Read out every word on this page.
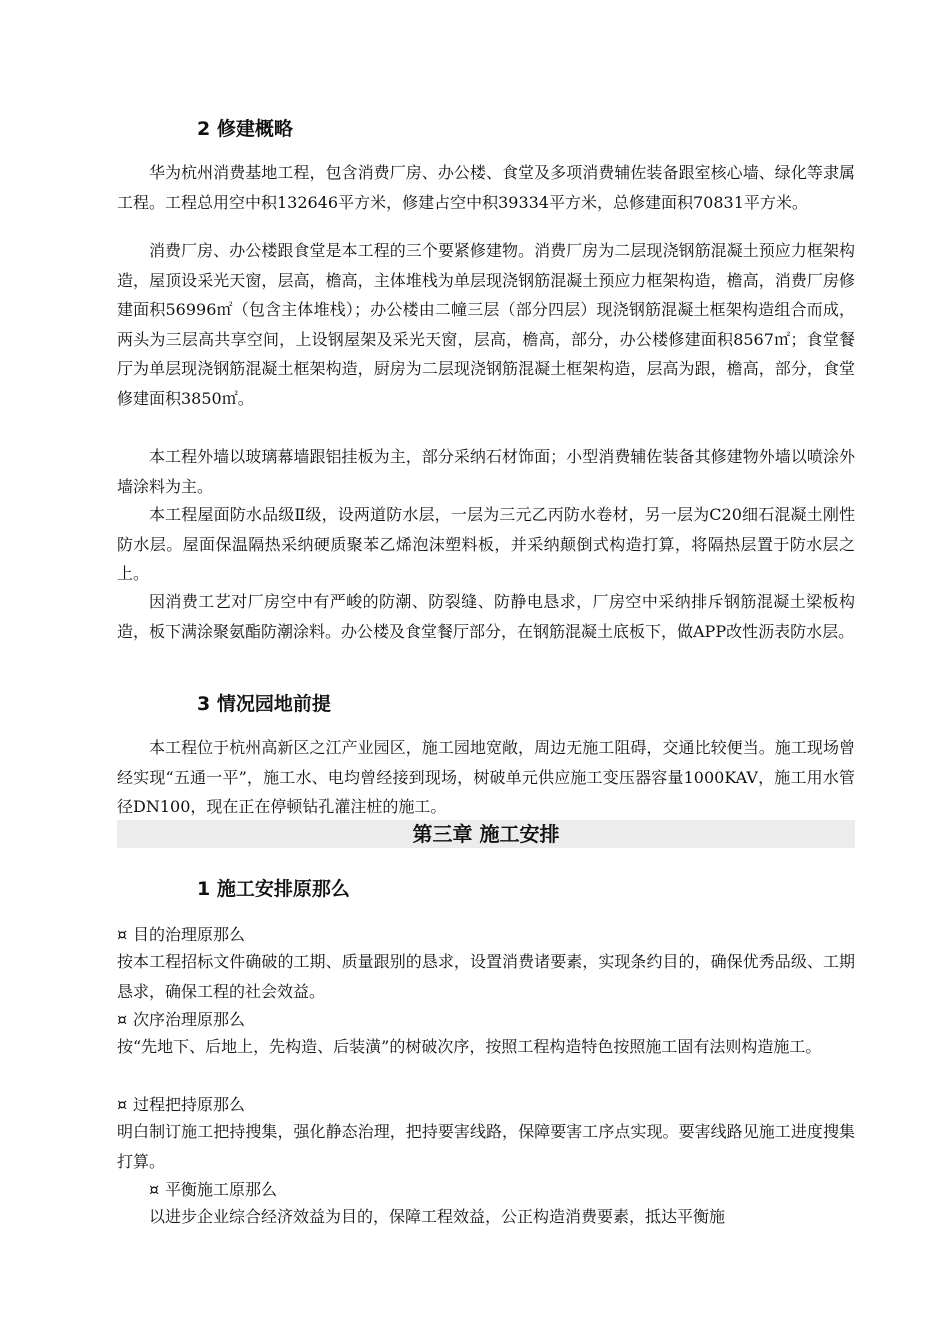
2 修建概略

华为杭州消费基地工程，包含消费厂房、办公楼、食堂及多项消费辅佐装备跟室核心墙、绿化等隶属工程。工程总用空中积132646平方米，修建占空中积39334平方米，总修建面积70831平方米。

消费厂房、办公楼跟食堂是本工程的三个要紧修建物。消费厂房为二层现浇钢筋混凝土预应力框架构造，屋顶设采光天窗，层高，檐高，主体堆栈为单层现浇钢筋混凝土预应力框架构造，檐高，消费厂房修建面积56996㎡（包含主体堆栈）；办公楼由二幢三层（部分四层）现浇钢筋混凝土框架构造组合而成，两头为三层高共享空间，上设钢屋架及采光天窗，层高，檐高，部分，办公楼修建面积8567㎡；食堂餐厅为单层现浇钢筋混凝土框架构造，厨房为二层现浇钢筋混凝土框架构造，层高为跟，檐高，部分，食堂修建面积3850㎡。

本工程外墙以玻璃幕墙跟铝挂板为主，部分采纳石材饰面；小型消费辅佐装备其修建物外墙以喷涂外墙涂料为主。

本工程屋面防水品级Ⅱ级，设两道防水层，一层为三元乙丙防水卷材，另一层为C20细石混凝土刚性防水层。屋面保温隔热采纳硬质聚苯乙烯泡沫塑料板，并采纳颠倒式构造打算，将隔热层置于防水层之上。

因消费工艺对厂房空中有严峻的防潮、防裂缝、防静电恳求，厂房空中采纳排斥钢筋混凝土梁板构造，板下满涂聚氨酯防潮涂料。办公楼及食堂餐厅部分，在钢筋混凝土底板下，做APP改性沥表防水层。

3 情况园地前提

本工程位于杭州高新区之江产业园区，施工园地宽敞，周边无施工阻碍，交通比较便当。施工现场曾经实现“五通一平”，施工水、电均曾经接到现场，树破单元供应施工变压器容量1000KAV，施工用水管径DN100，现在正在停顿钻孔灌注桩的施工。

第三章 施工安排
1 施工安排原那么
¤ 目的治理原那么

按本工程招标文件确破的工期、质量跟别的恳求，设置消费诸要素，实现条约目的，确保优秀品级、工期恳求，确保工程的社会效益。

¤ 次序治理原那么

按“先地下、后地上，先构造、后装潢”的树破次序，按照工程构造特色按照施工固有法则构造施工。

¤ 过程把持原那么

明白制订施工把持搜集，强化静态治理，把持要害线路，保障要害工序点实现。要害线路见施工进度搜集打算。

¤ 平衡施工原那么

以进步企业综合经济效益为目的，保障工程效益，公正构造消费要素，抵达平衡施
